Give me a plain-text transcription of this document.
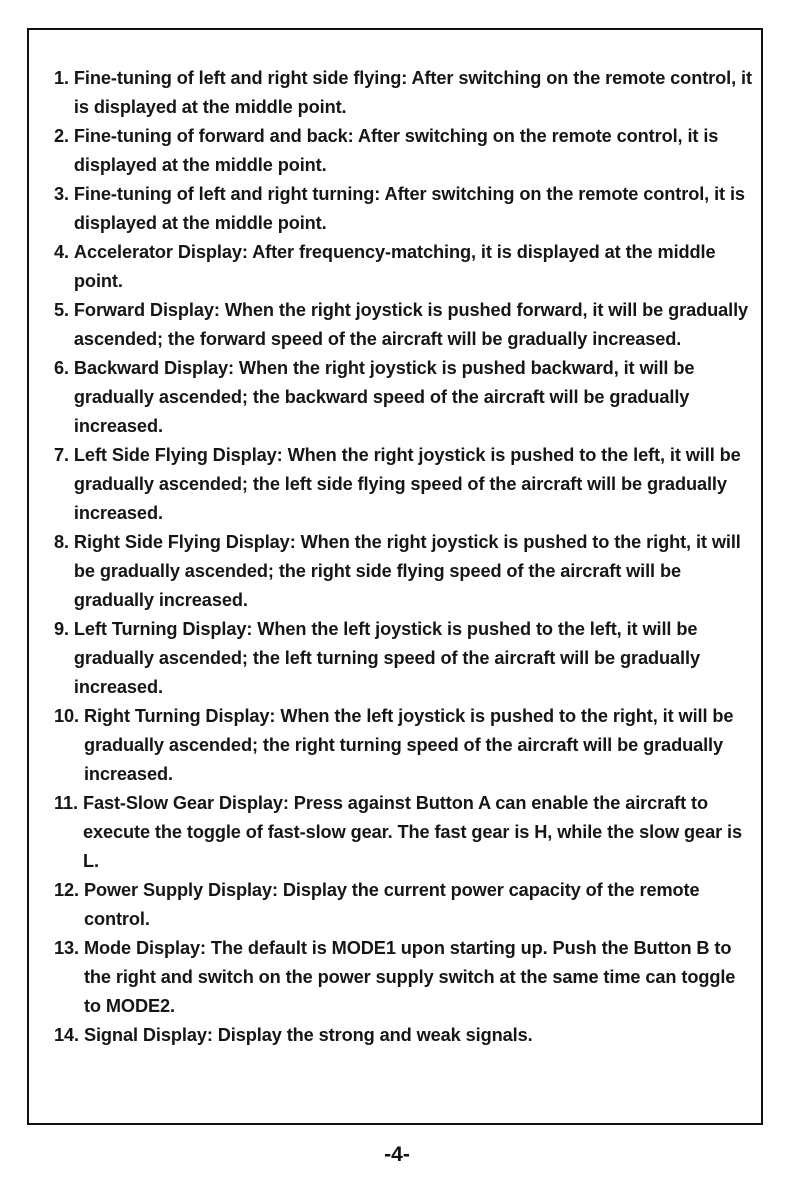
1. Fine-tuning of left and right side flying: After switching on the remote control, it is displayed at the middle point.
2. Fine-tuning of forward and back: After switching on the remote control, it is displayed at the middle point.
3. Fine-tuning of left and right turning: After switching on the remote control, it is displayed at the middle point.
4. Accelerator Display: After frequency-matching, it is displayed at the middle point.
5. Forward Display: When the right joystick is pushed forward, it will be gradually ascended; the forward speed of the aircraft will be gradually increased.
6. Backward Display: When the right joystick is pushed backward, it will be gradually ascended; the backward speed of the aircraft will be gradually increased.
7. Left Side Flying Display: When the right joystick is pushed to the left, it will be gradually ascended; the left side flying speed of the aircraft will be gradually increased.
8. Right Side Flying Display: When the right joystick is pushed to the right, it will be gradually ascended; the right side flying speed of the aircraft will be gradually increased.
9. Left Turning Display: When the left joystick is pushed to the left, it will be gradually ascended; the left turning speed of the aircraft will be gradually increased.
10. Right Turning Display: When the left joystick is pushed to the right, it will be gradually ascended; the right turning speed of the aircraft will be gradually increased.
11. Fast-Slow Gear Display: Press against Button A can enable the aircraft to execute the toggle of fast-slow gear. The fast gear is H, while the slow gear is L.
12. Power Supply Display: Display the current power capacity of the remote control.
13. Mode Display: The default is MODE1 upon starting up. Push the Button B to the right and switch on the power supply switch at the same time can toggle to MODE2.
14. Signal Display: Display the strong and weak signals.
-4-
